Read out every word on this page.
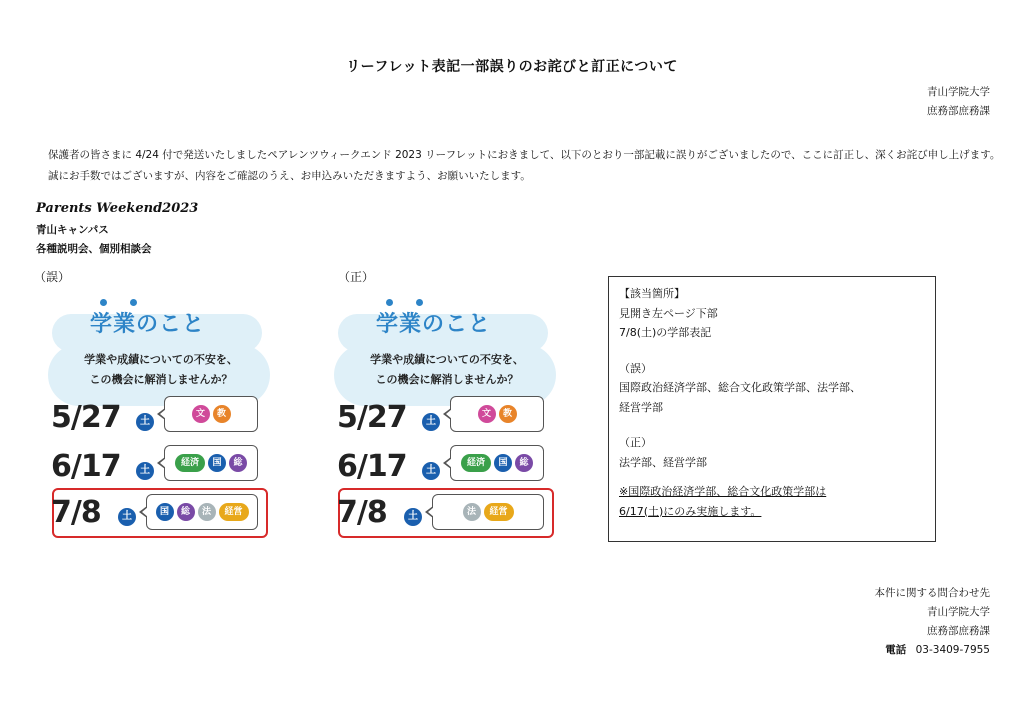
リーフレット表記一部誤りのお詫びと訂正について
青山学院大学
庶務部庶務課
保護者の皆さまに 4/24 付で発送いたしましたペアレンツウィークエンド 2023 リーフレットにおきまして、以下のとおり一部記載に誤りがございましたので、ここに訂正し、深くお詫び申し上げます。
誠にお手数ではございますが、内容をご確認のうえ、お申込みいただきますよう、お願いいたします。
Parents Weekend2023
青山キャンパス
各種説明会、個別相談会
（誤）	（正）
学業のこと
学業や成績についての不安を、
この機会に解消しませんか？
5/27	土
文	教
6/17	土
経済	国	総
7/8	土	国	総	法	経営
学業のこと
学業や成績についての不安を、
この機会に解消しませんか？
5/27	土
文	教
6/17	土
経済	国	総
7/8	土	法	経営
【該当箇所】
見開き左ページ下部
7/8(土)の学部表記
（誤）
国際政治経済学部、総合文化政策学部、法学部、
経営学部
（正）
法学部、経営学部
※国際政治経済学部、総合文化政策学部は
6/17(土)にのみ実施します。
本件に関する問合わせ先
青山学院大学
庶務部庶務課
電話 03-3409-7955
